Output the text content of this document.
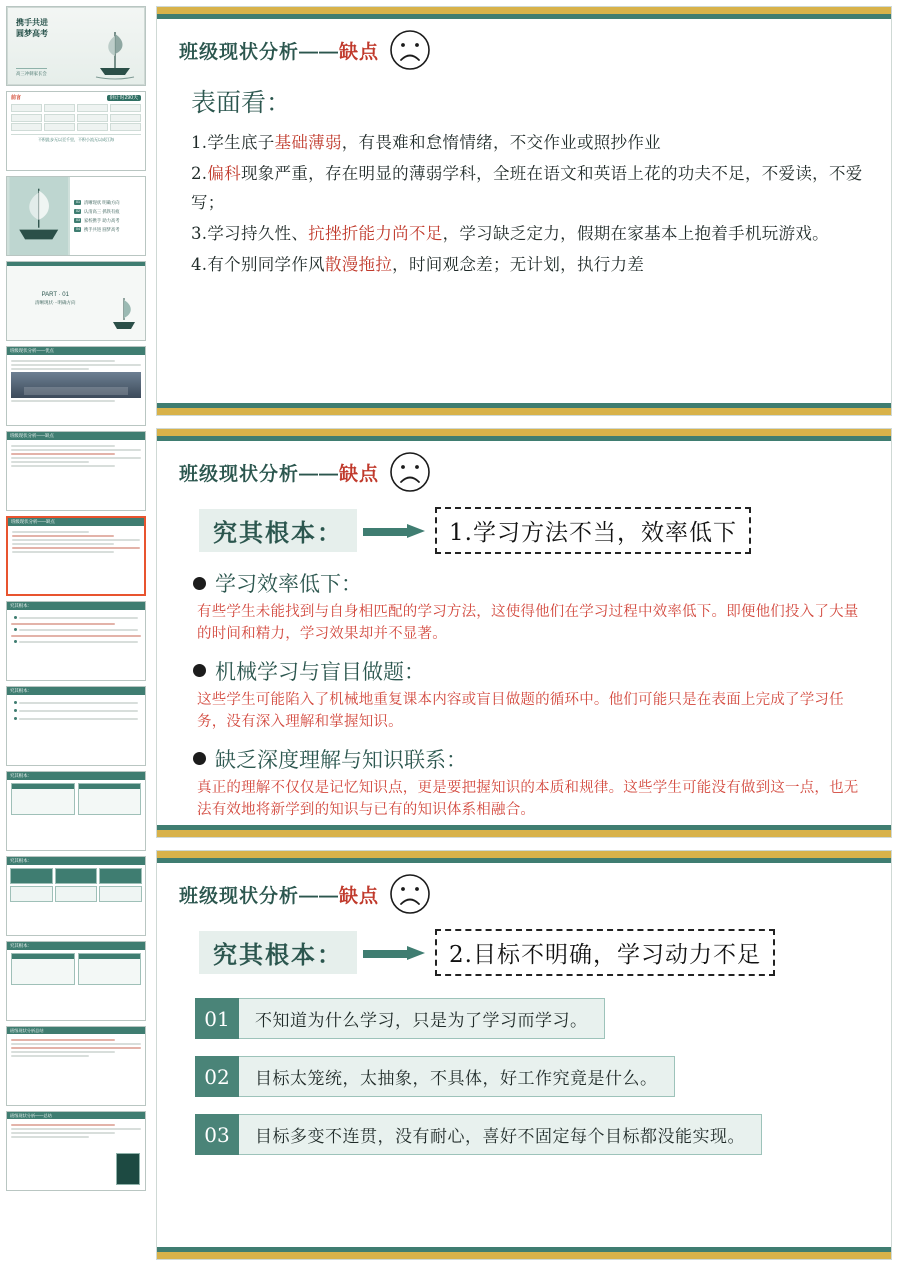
携手共进
圆梦高考
高三冲刺家长会
前言	倒计时290天
不积跬步无以至千里，不积小流无以成江海
01 清晰现状 明确方向
02 认清高三 抓铁有痕
03 家校携手 助力高考
04 携手共进 圆梦高考
PART · 01
清晰现状···明确方向
班级现状分析——优点
班级现状分析——缺点
班级现状分析——缺点
究其根本：
究其根本：
究其根本：
究其根本：
究其根本：
班级现状分析总结
班级现状分析——总结
班级现状分析——缺点
表面看：

1.学生底子基础薄弱，有畏难和怠惰情绪，不交作业或照抄作业

2.偏科现象严重，存在明显的薄弱学科，全班在语文和英语上花的功夫不足，不爱读，不爱写；

3.学习持久性、抗挫折能力尚不足，学习缺乏定力，假期在家基本上抱着手机玩游戏。

4.有个别同学作风散漫拖拉，时间观念差；无计划，执行力差

班级现状分析——缺点
究其根本：	1.学习方法不当，效率低下
学习效率低下：
有些学生未能找到与自身相匹配的学习方法，这使得他们在学习过程中效率低下。即便他们投入了大量的时间和精力，学习效果却并不显著。
机械学习与盲目做题：
这些学生可能陷入了机械地重复课本内容或盲目做题的循环中。他们可能只是在表面上完成了学习任务，没有深入理解和掌握知识。
缺乏深度理解与知识联系：
真正的理解不仅仅是记忆知识点，更是要把握知识的本质和规律。这些学生可能没有做到这一点，也无法有效地将新学到的知识与已有的知识体系相融合。
班级现状分析——缺点
究其根本：	2.目标不明确，学习动力不足
01	不知道为什么学习，只是为了学习而学习。
02	目标太笼统，太抽象，不具体，好工作究竟是什么。
03	目标多变不连贯，没有耐心，喜好不固定每个目标都没能实现。
